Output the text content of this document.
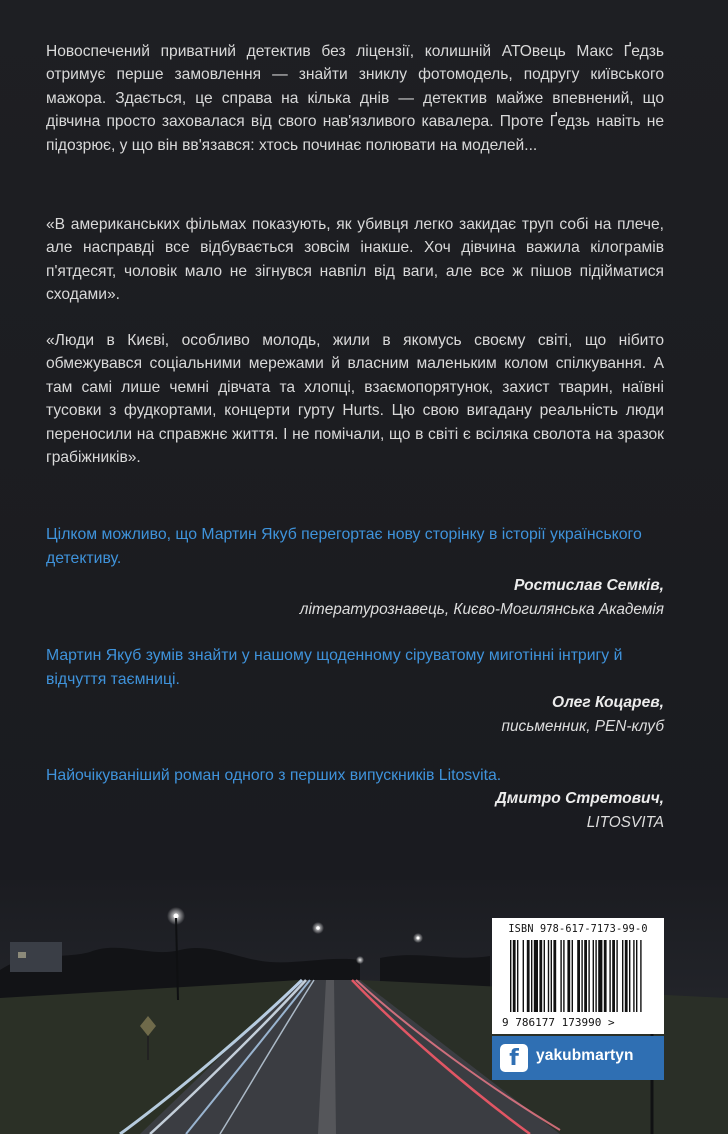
Новоспечений приватний детектив без ліцензії, колишній АТОвець Макс Ґедзь отримує перше замовлення — знайти зниклу фотомодель, подругу київського мажора. Здається, це справа на кілька днів — детектив майже впевнений, що дівчина просто заховалася від свого нав'язливого кавалера. Проте Ґедзь навіть не підозрює, у що він вв'язався: хтось починає полювати на моделей...

«В американських фільмах показують, як убивця легко закидає труп собі на плече, але насправді все відбувається зовсім інакше. Хоч дівчина важила кілограмів п'ятдесят, чоловік мало не зігнувся навпіл від ваги, але все ж пішов підійматися сходами».

«Люди в Києві, особливо молодь, жили в якомусь своєму світі, що нібито обмежувався соціальними мережами й власним маленьким колом спілкування. А там самі лише чемні дівчата та хлопці, взаємопорятунок, захист тварин, наївні тусовки з фудкортами, концерти гурту Hurts. Цю свою вигадану реальність люди переносили на справжнє життя. І не помічали, що в світі є всіляка сволота на зразок грабіжників».

Цілком можливо, що Мартин Якуб перегортає нову сторінку в історії українського детективу.

Ростислав Семків,

літературознавець, Києво-Могилянська Академія

Мартин Якуб зумів знайти у нашому щоденному сіруватому миготінні інтригу й відчуття таємниці.

Олег Коцарев,

письменник, PEN-клуб

Найочікуваніший роман одного з перших випускників Litosvita.

Дмитро Стретович,

LITOSVITA

ISBN 978-617-7173-99-0
9 786177 173990 >
f	yakubmartyn
